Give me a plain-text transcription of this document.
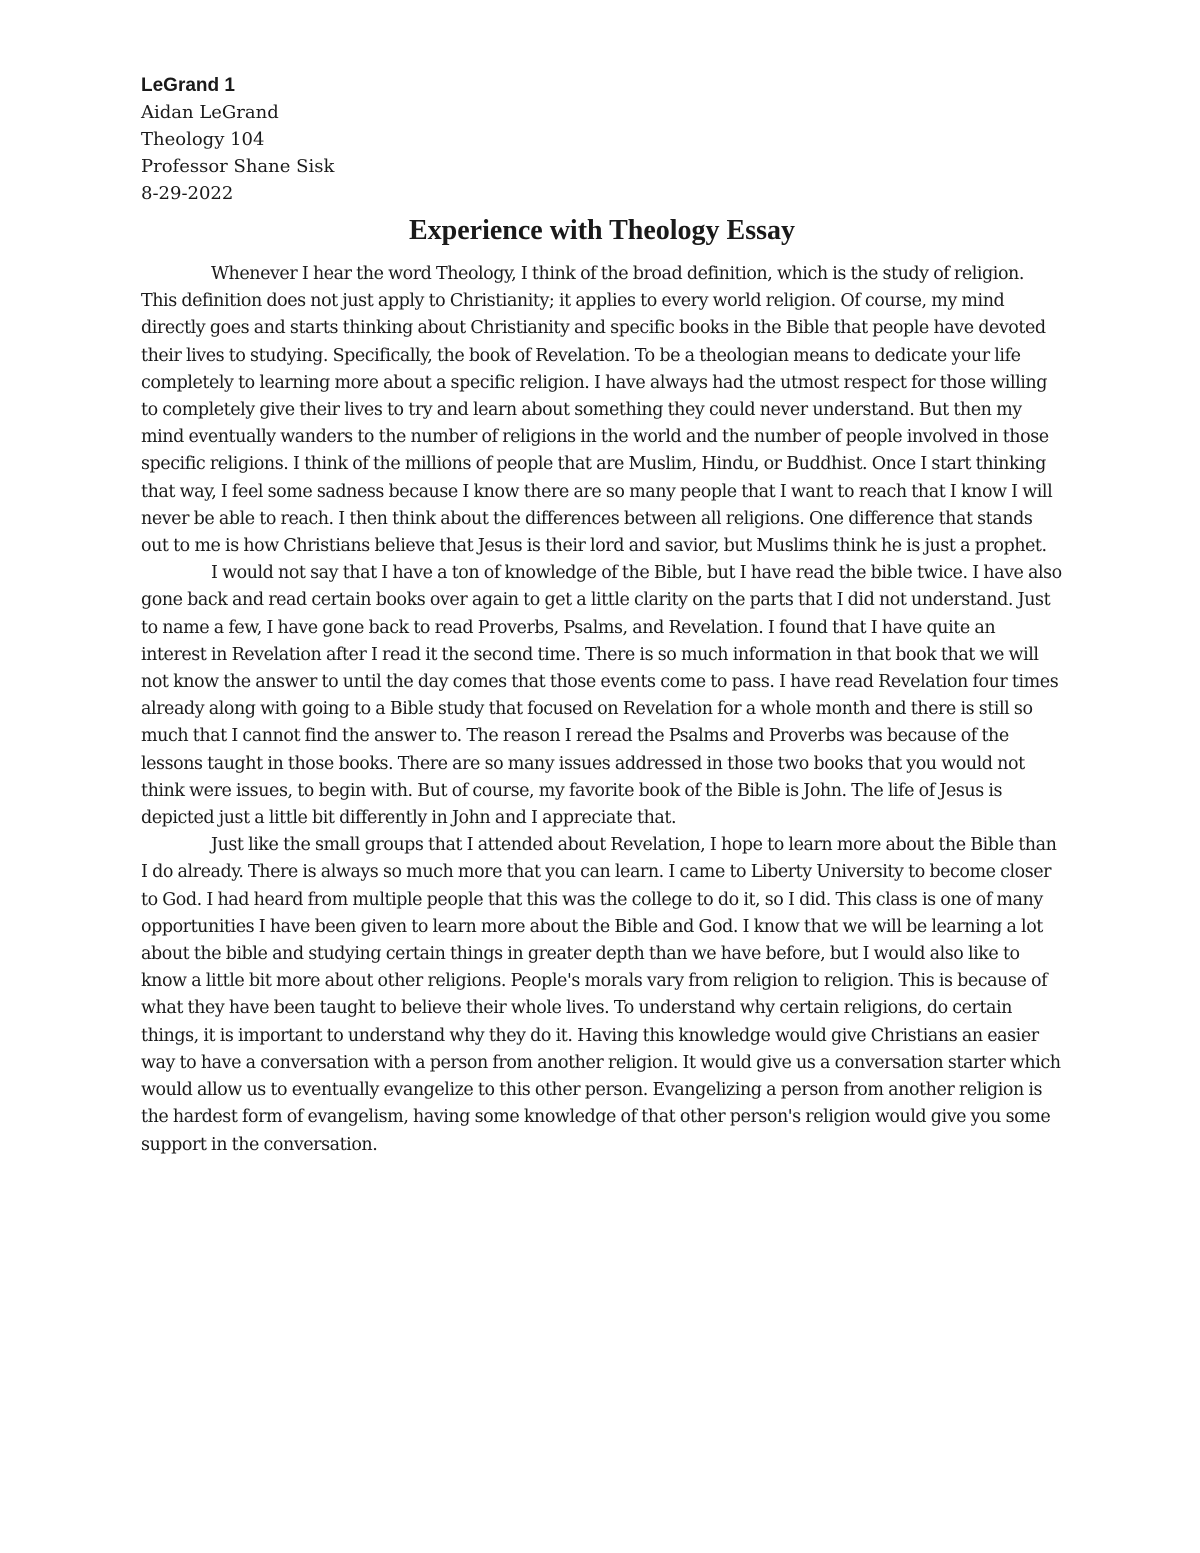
LeGrand 1

Aidan LeGrand

Theology 104

Professor Shane Sisk

8-29-2022

Experience with Theology Essay

Whenever I hear the word Theology, I think of the broad definition, which is the study of religion. This definition does not just apply to Christianity; it applies to every world religion. Of course, my mind directly goes and starts thinking about Christianity and specific books in the Bible that people have devoted their lives to studying. Specifically, the book of Revelation. To be a theologian means to dedicate your life completely to learning more about a specific religion. I have always had the utmost respect for those willing to completely give their lives to try and learn about something they could never understand. But then my mind eventually wanders to the number of religions in the world and the number of people involved in those specific religions. I think of the millions of people that are Muslim, Hindu, or Buddhist. Once I start thinking that way, I feel some sadness because I know there are so many people that I want to reach that I know I will never be able to reach. I then think about the differences between all religions. One difference that stands out to me is how Christians believe that Jesus is their lord and savior, but Muslims think he is just a prophet.

I would not say that I have a ton of knowledge of the Bible, but I have read the bible twice. I have also gone back and read certain books over again to get a little clarity on the parts that I did not understand. Just to name a few, I have gone back to read Proverbs, Psalms, and Revelation. I found that I have quite an interest in Revelation after I read it the second time. There is so much information in that book that we will not know the answer to until the day comes that those events come to pass. I have read Revelation four times already along with going to a Bible study that focused on Revelation for a whole month and there is still so much that I cannot find the answer to. The reason I reread the Psalms and Proverbs was because of the lessons taught in those books. There are so many issues addressed in those two books that you would not think were issues, to begin with. But of course, my favorite book of the Bible is John. The life of Jesus is depicted just a little bit differently in John and I appreciate that.

Just like the small groups that I attended about Revelation, I hope to learn more about the Bible than I do already. There is always so much more that you can learn. I came to Liberty University to become closer to God. I had heard from multiple people that this was the college to do it, so I did. This class is one of many opportunities I have been given to learn more about the Bible and God. I know that we will be learning a lot about the bible and studying certain things in greater depth than we have before, but I would also like to know a little bit more about other religions. People's morals vary from religion to religion. This is because of what they have been taught to believe their whole lives. To understand why certain religions, do certain things, it is important to understand why they do it. Having this knowledge would give Christians an easier way to have a conversation with a person from another religion. It would give us a conversation starter which would allow us to eventually evangelize to this other person. Evangelizing a person from another religion is the hardest form of evangelism, having some knowledge of that other person's religion would give you some support in the conversation.
